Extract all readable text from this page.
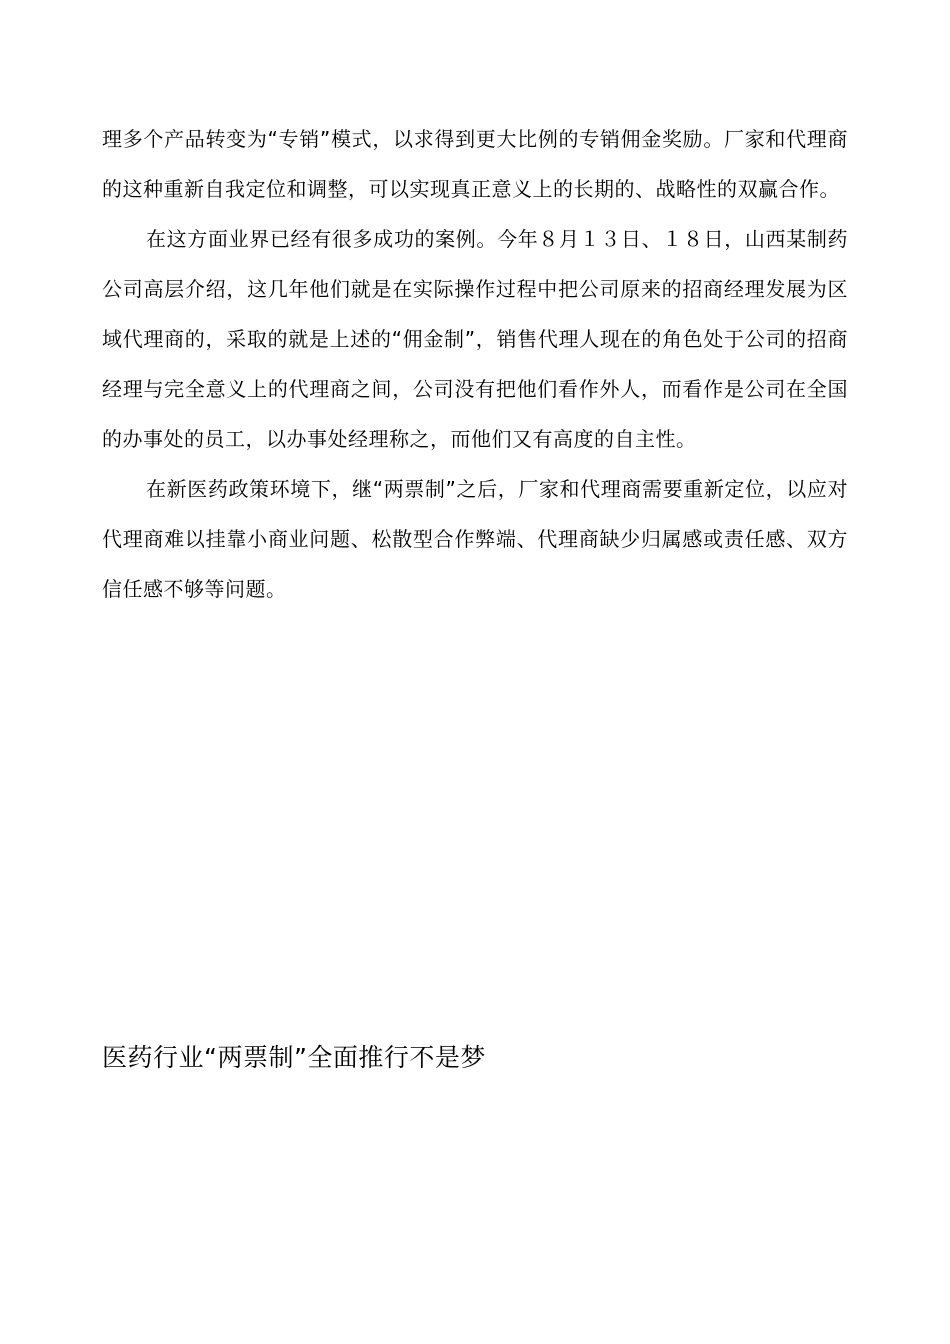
理多个产品转变为“专销”模式，以求得到更大比例的专销佣金奖励。厂家和代理商的这种重新自我定位和调整，可以实现真正意义上的长期的、战略性的双赢合作。

在这方面业界已经有很多成功的案例。今年８月１３日、１８日，山西某制药公司高层介绍，这几年他们就是在实际操作过程中把公司原来的招商经理发展为区域代理商的，采取的就是上述的“佣金制”，销售代理人现在的角色处于公司的招商经理与完全意义上的代理商之间，公司没有把他们看作外人，而看作是公司在全国的办事处的员工，以办事处经理称之，而他们又有高度的自主性。

在新医药政策环境下，继“两票制”之后，厂家和代理商需要重新定位，以应对代理商难以挂靠小商业问题、松散型合作弊端、代理商缺少归属感或责任感、双方信任感不够等问题。

医药行业“两票制”全面推行不是梦
